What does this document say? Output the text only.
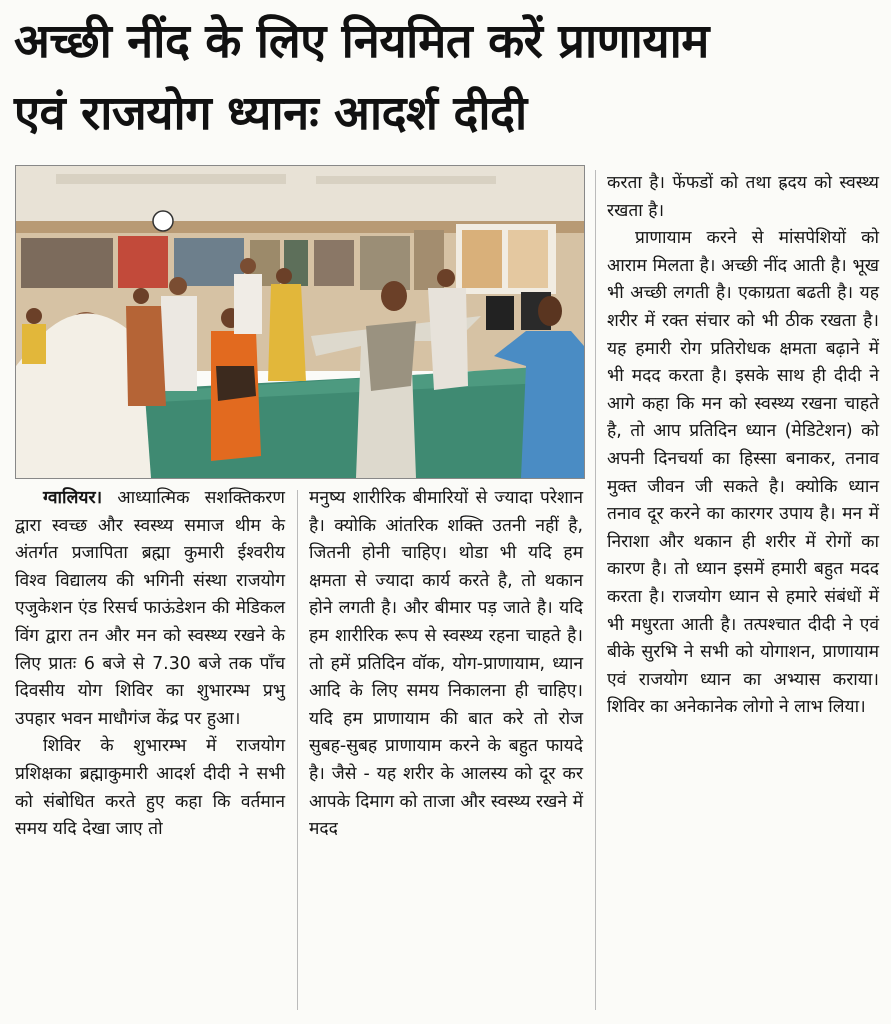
अच्छी नींद के लिए नियमित करें प्राणायाम
एवं राजयोग ध्यानः आदर्श दीदी

ग्वालियर। आध्यात्मिक सशक्तिकरण द्वारा स्वच्छ और स्वस्थ्य समाज थीम के अंतर्गत प्रजापिता ब्रह्मा कुमारी ईश्वरीय विश्व विद्यालय की भगिनी संस्था राजयोग एजुकेशन एंड रिसर्च फाऊंडेशन की मेडिकल विंग द्वारा तन और मन को स्वस्थ्य रखने के लिए प्रातः 6 बजे से 7.30 बजे तक पाँच दिवसीय योग शिविर का शुभारम्भ प्रभु उपहार भवन माधौगंज केंद्र पर हुआ।

शिविर के शुभारम्भ में राजयोग प्रशिक्षका ब्रह्माकुमारी आदर्श दीदी ने सभी को संबोधित करते हुए कहा कि वर्तमान समय यदि देखा जाए तो

मनुष्य शारीरिक बीमारियों से ज्यादा परेशान है। क्योकि आंतरिक शक्ति उतनी नहीं है, जितनी होनी चाहिए। थोडा भी यदि हम क्षमता से ज्यादा कार्य करते है, तो थकान होने लगती है। और बीमार पड़ जाते है। यदि हम शारीरिक रूप से स्वस्थ्य रहना चाहते है। तो हमें प्रतिदिन वॉक, योग-प्राणायाम, ध्यान आदि के लिए समय निकालना ही चाहिए। यदि हम प्राणायाम की बात करे तो रोज सुबह-सुबह प्राणायाम करने के बहुत फायदे है। जैसे - यह शरीर के आलस्य को दूर कर आपके दिमाग को ताजा और स्वस्थ्य रखने में मदद

करता है। फेंफडों को तथा ह्रदय को स्वस्थ्य रखता है।

प्राणायाम करने से मांसपेशियों को आराम मिलता है। अच्छी नींद आती है। भूख भी अच्छी लगती है। एकाग्रता बढती है। यह शरीर में रक्त संचार को भी ठीक रखता है। यह हमारी रोग प्रतिरोधक क्षमता बढ़ाने में भी मदद करता है। इसके साथ ही दीदी ने आगे कहा कि मन को स्वस्थ्य रखना चाहते है, तो आप प्रतिदिन ध्यान (मेडिटेशन) को अपनी दिनचर्या का हिस्सा बनाकर, तनाव मुक्त जीवन जी सकते है। क्योकि ध्यान तनाव दूर करने का कारगर उपाय है। मन में निराशा और थकान ही शरीर में रोगों का कारण है। तो ध्यान इसमें हमारी बहुत मदद करता है। राजयोग ध्यान से हमारे संबंधों में भी मधुरता आती है। तत्पश्चात दीदी ने एवं बीके सुरभि ने सभी को योगाशन, प्राणायाम एवं राजयोग ध्यान का अभ्यास कराया। शिविर का अनेकानेक लोगो ने लाभ लिया।
